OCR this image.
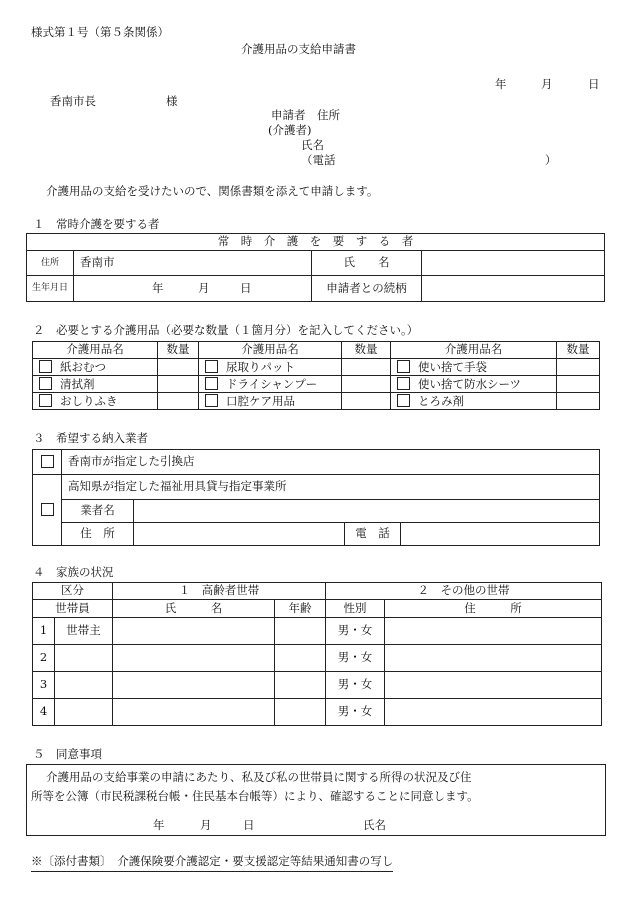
様式第１号（第５条関係）
介護用品の支給申請書
年	月	日
香南市長	様
申請者　住所
(介護者)
氏名
（電話	）
介護用品の支給を受けたいので、関係書類を添えて申請します。
１　常時介護を要する者
常　時　介　護　を　要　す　る　者			
住所	香南市	氏　　名	
生年月日	年 月 日	申請者との続柄	
２　必要とする介護用品（必要な数量（１箇月分）を記入してください。）
介護用品名	数量	介護用品名	数量	介護用品名	数量
紙おむつ		尿取りパット		使い捨て手袋	
清拭剤		ドライシャンプー		使い捨て防水シーツ	
おしりふき		口腔ケア用品		とろみ剤	
３　希望する納入業者
	香南市が指定した引換店			
	高知県が指定した福祉用具貸与指定事業所			
	業者名			
	住　所		電　話	
４　家族の状況
区分		１　高齢者世帯		２　その他の世帯	
世帯員		氏　　　名	年齢	性別	住　　　所
1	世帯主			男・女	
2				男・女	
3				男・女	
4				男・女	
５　同意事項
介護用品の支給事業の申請にあたり、私及び私の世帯員に関する所得の状況及び住
所等を公簿（市民税課税台帳・住民基本台帳等）により、確認することに同意します。
年	月	日	氏名
※〔添付書類〕　介護保険要介護認定・要支援認定等結果通知書の写し
